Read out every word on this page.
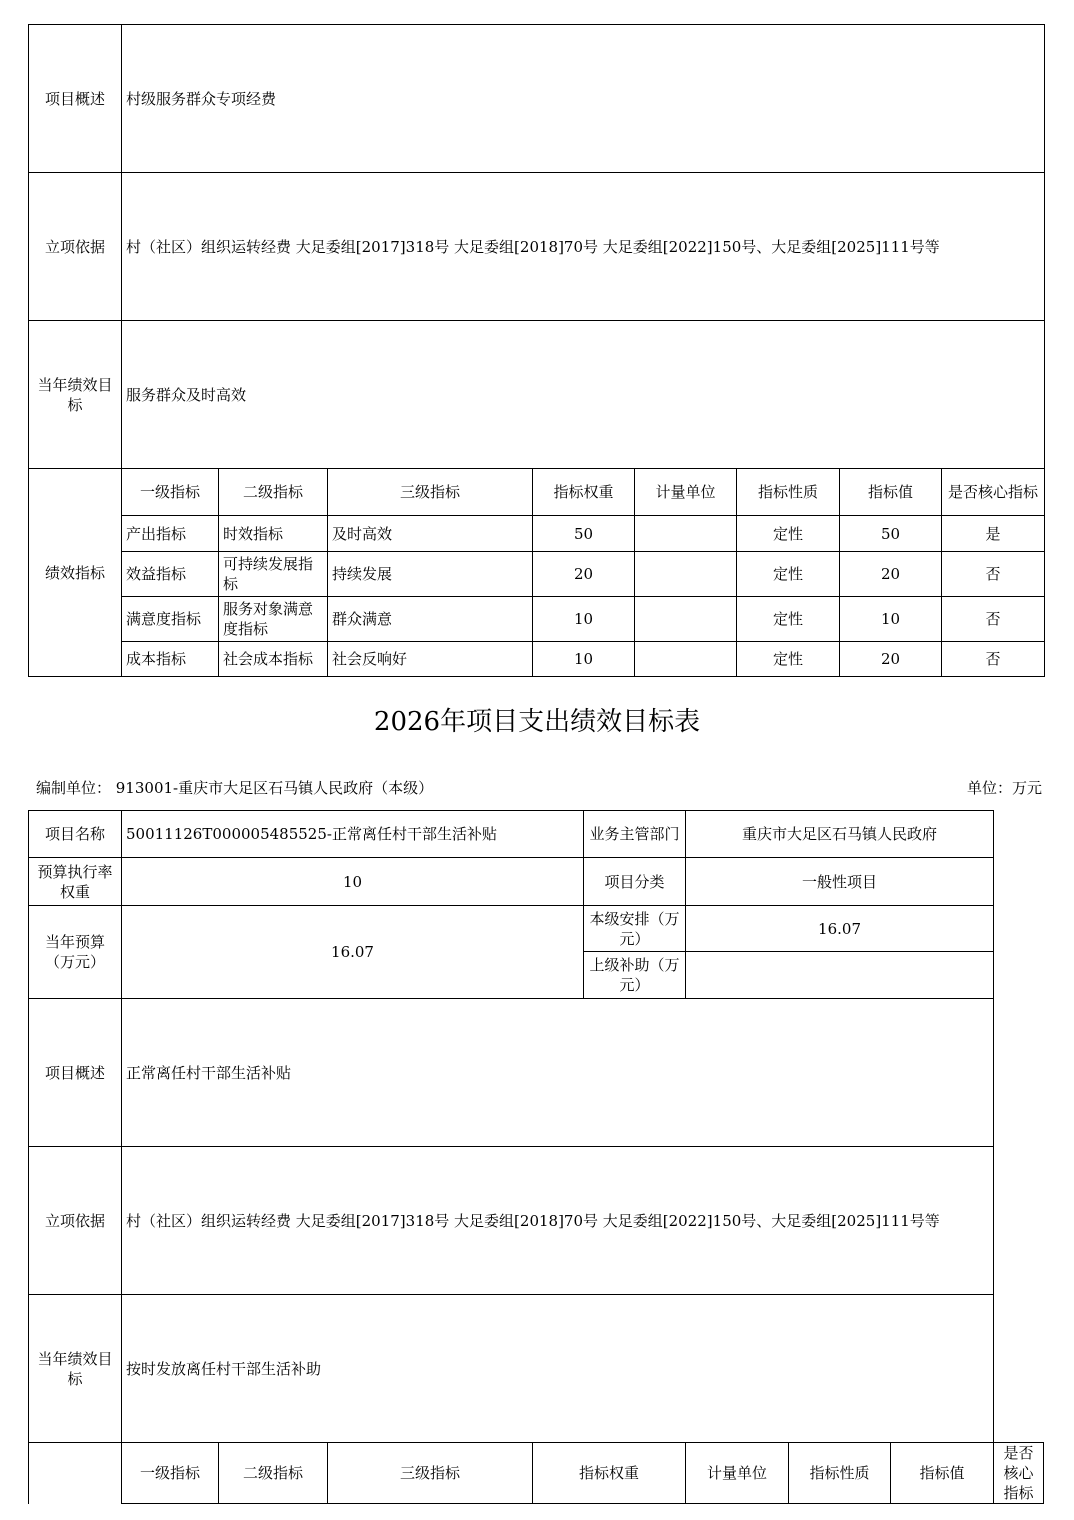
项目概述	村级服务群众专项经费							
立项依据	村（社区）组织运转经费 大足委组[2017]318号 大足委组[2018]70号 大足委组[2022]150号、大足委组[2025]111号等							
当年绩效目标	服务群众及时高效							
绩效指标	一级指标	二级指标	三级指标	指标权重	计量单位	指标性质	指标值	是否核心指标
	产出指标	时效指标	及时高效	50		定性	50	是
	效益指标	可持续发展指标	持续发展	20		定性	20	否
	满意度指标	服务对象满意度指标	群众满意	10		定性	10	否
	成本指标	社会成本指标	社会反响好	10		定性	20	否
2026年项目支出绩效目标表
编制单位： 913001-重庆市大足区石马镇人民政府（本级）	单位：万元
项目名称	50011126T000005485525-正常离任村干部生活补贴				业务主管部门	重庆市大足区石马镇人民政府			
预算执行率权重	10				项目分类	一般性项目			
当年预算（万元）	16.07				本级安排（万元）	16.07			
					上级补助（万元）				
项目概述	正常离任村干部生活补贴								
立项依据	村（社区）组织运转经费 大足委组[2017]318号 大足委组[2018]70号 大足委组[2022]150号、大足委组[2025]111号等								
当年绩效目标	按时发放离任村干部生活补助								
	一级指标	二级指标	三级指标	指标权重		计量单位	指标性质	指标值	是否核心指标
